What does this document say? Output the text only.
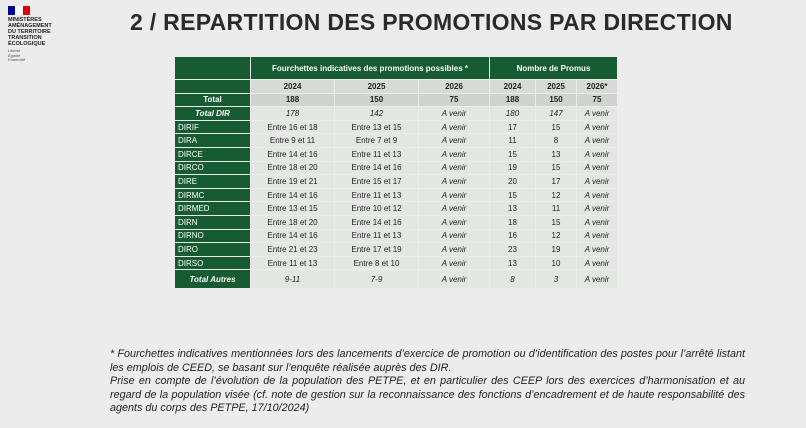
MINISTÈRES
AMÉNAGEMENT
DU TERRITOIRE
TRANSITION
ÉCOLOGIQUE
Liberté
Égalité
Fraternité
2 / REPARTITION DES PROMOTIONS PAR DIRECTION
	Fourchettes indicatives des promotions possibles *			Nombre de Promus		
	2024	2025	2026	2024	2025	2026*
Total	188	150	75	188	150	75
Total DIR	178	142	A venir	180	147	A venir
DIRIF	Entre 16 et 18	Entre 13 et 15	A venir	17	15	A venir
DIRA	Entre 9 et 11	Entre 7 et 9	A venir	11	8	A venir
DIRCE	Entre 14 et 16	Entre 11 et 13	A venir	15	13	A venir
DIRCO	Entre 18 et 20	Entre 14 et 16	A venir	19	15	A venir
DIRE	Entre 19 et 21	Entre 15 et 17	A venir	20	17	A venir
DIRMC	Entre 14 et 16	Entre 11 et 13	A venir	15	12	A venir
DIRMED	Entre 13 et 15	Entre 10 et 12	A venir	13	11	A venir
DIRN	Entre 18 et 20	Entre 14 et 16	A venir	18	15	A venir
DIRNO	Entre 14 et 16	Entre 11 et 13	A venir	16	12	A venir
DIRO	Entre 21 et 23	Entre 17 et 19	A venir	23	19	A venir
DIRSO	Entre 11 et 13	Entre 8 et 10	A venir	13	10	A venir
Total Autres	9-11	7-9	A venir	8	3	A venir

* Fourchettes indicatives mentionnées lors des lancements d’exercice de promotion ou d’identification des postes pour l’arrêté listant les emplois de CEED, se basant sur l’enquête réalisée auprès des DIR.

Prise en compte de l’évolution de la population des PETPE, et en particulier des CEEP lors des exercices d’harmonisation et au regard de la population visée (cf. note de gestion sur la reconnaissance des fonctions d’encadrement et de haute responsabilité des agents du corps des PETPE, 17/10/2024)
